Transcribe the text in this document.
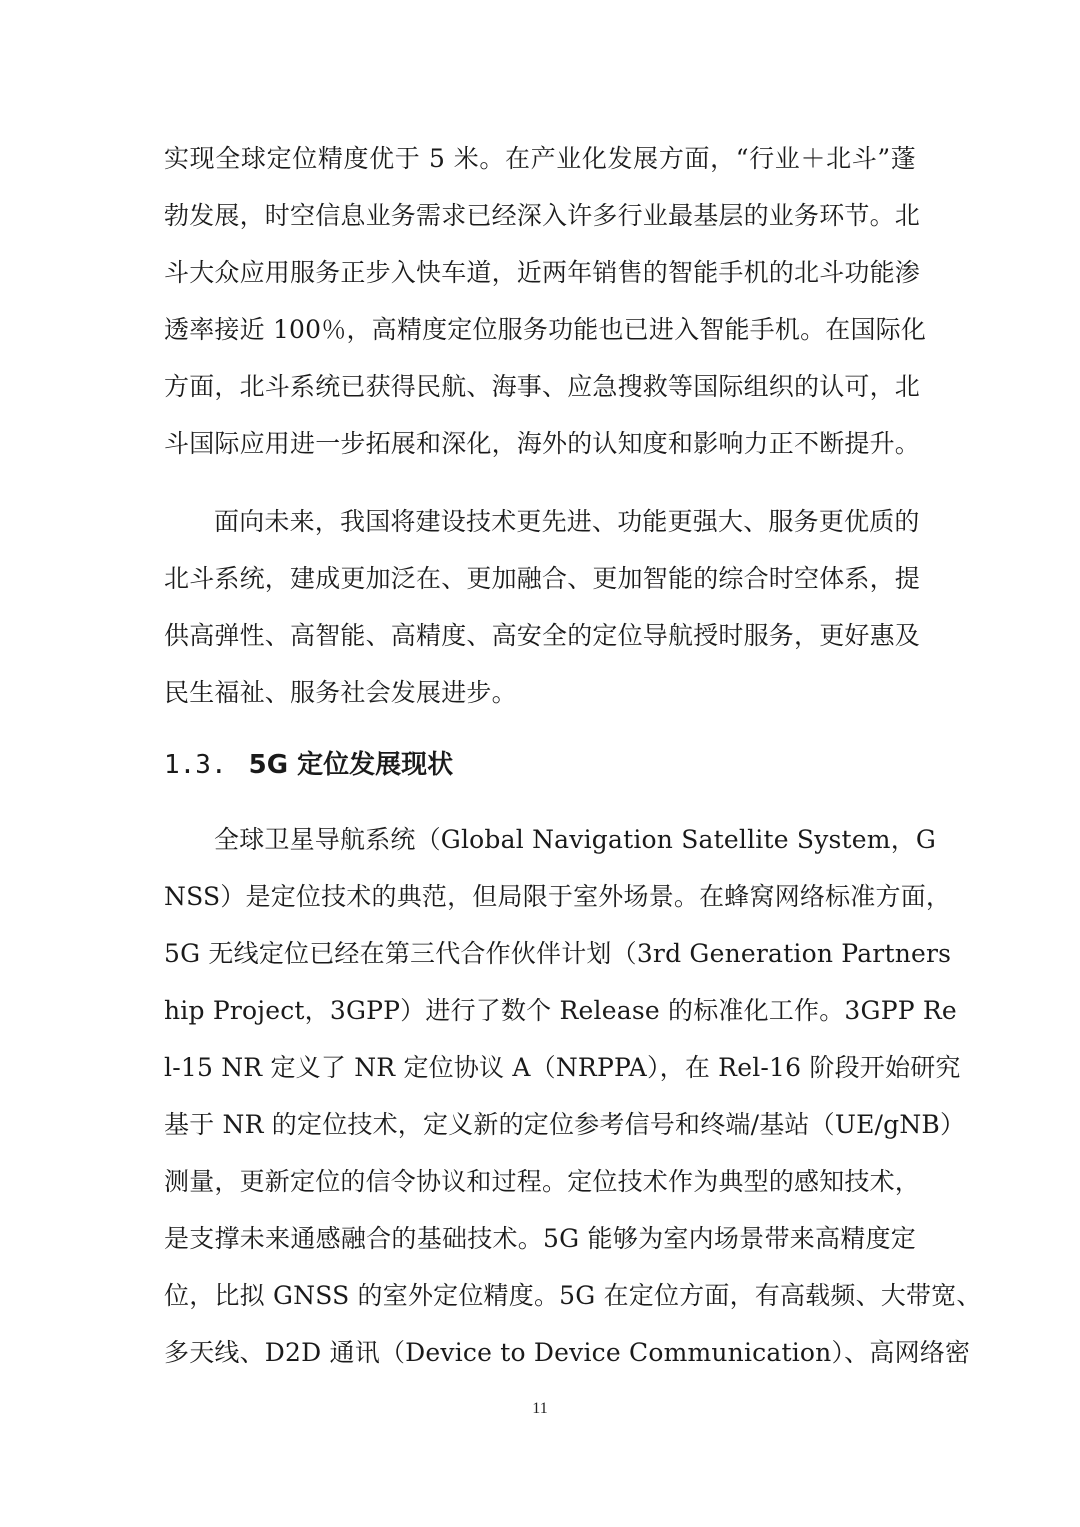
实现全球定位精度优于 5 米。在产业化发展方面，“行业＋北斗”蓬
勃发展，时空信息业务需求已经深入许多行业最基层的业务环节。北
斗大众应用服务正步入快车道，近两年销售的智能手机的北斗功能渗
透率接近 100％，高精度定位服务功能也已进入智能手机。在国际化
方面，北斗系统已获得民航、海事、应急搜救等国际组织的认可，北
斗国际应用进一步拓展和深化，海外的认知度和影响力正不断提升。
面向未来，我国将建设技术更先进、功能更强大、服务更优质的
北斗系统，建成更加泛在、更加融合、更加智能的综合时空体系，提
供高弹性、高智能、高精度、高安全的定位导航授时服务，更好惠及
民生福祉、服务社会发展进步。
1.3. 5G 定位发展现状
全球卫星导航系统（Global Navigation Satellite System，G
NSS）是定位技术的典范，但局限于室外场景。在蜂窝网络标准方面，
5G 无线定位已经在第三代合作伙伴计划（3rd Generation Partners
hip Project，3GPP）进行了数个 Release 的标准化工作。3GPP Re
l-15 NR 定义了 NR 定位协议 A（NRPPA），在 Rel-16 阶段开始研究
基于 NR 的定位技术，定义新的定位参考信号和终端/基站（UE/gNB）
测量，更新定位的信令协议和过程。定位技术作为典型的感知技术，
是支撑未来通感融合的基础技术。5G 能够为室内场景带来高精度定
位，比拟 GNSS 的室外定位精度。5G 在定位方面，有高载频、大带宽、
多天线、D2D 通讯（Device to Device Communication）、高网络密
11
